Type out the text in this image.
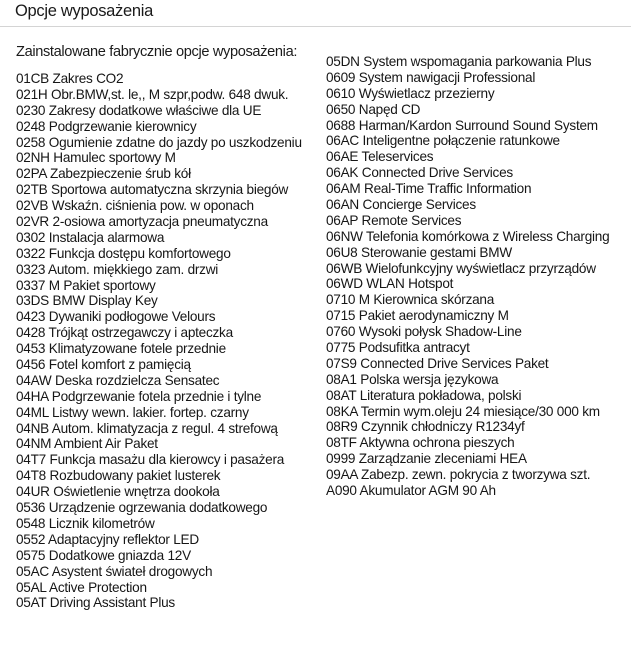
Opcje wyposażenia
Zainstalowane fabrycznie opcje wyposażenia:
01CB Zakres CO2
021H Obr.BMW,st. le,, M szpr,podw. 648 dwuk.
0230 Zakresy dodatkowe właściwe dla UE
0248 Podgrzewanie kierownicy
0258 Ogumienie zdatne do jazdy po uszkodzeniu
02NH Hamulec sportowy M
02PA Zabezpieczenie śrub kół
02TB Sportowa automatyczna skrzynia biegów
02VB Wskaźn. ciśnienia pow. w oponach
02VR 2-osiowa amortyzacja pneumatyczna
0302 Instalacja alarmowa
0322 Funkcja dostępu komfortowego
0323 Autom. miękkiego zam. drzwi
0337 M Pakiet sportowy
03DS BMW Display Key
0423 Dywaniki podłogowe Velours
0428 Trójkąt ostrzegawczy i apteczka
0453 Klimatyzowane fotele przednie
0456 Fotel komfort z pamięcią
04AW Deska rozdzielcza Sensatec
04HA Podgrzewanie fotela przednie i tylne
04ML Listwy wewn. lakier. fortep. czarny
04NB Autom. klimatyzacja z regul. 4 strefową
04NM Ambient Air Paket
04T7 Funkcja masażu dla kierowcy i pasażera
04T8 Rozbudowany pakiet lusterek
04UR Oświetlenie wnętrza dookoła
0536 Urządzenie ogrzewania dodatkowego
0548 Licznik kilometrów
0552 Adaptacyjny reflektor LED
0575 Dodatkowe gniazda 12V
05AC Asystent świateł drogowych
05AL Active Protection
05AT Driving Assistant Plus
05DN System wspomagania parkowania Plus
0609 System nawigacji Professional
0610 Wyświetlacz przezierny
0650 Napęd CD
0688 Harman/Kardon Surround Sound System
06AC Inteligentne połączenie ratunkowe
06AE Teleservices
06AK Connected Drive Services
06AM Real-Time Traffic Information
06AN Concierge Services
06AP Remote Services
06NW Telefonia komórkowa z Wireless Charging
06U8 Sterowanie gestami BMW
06WB Wielofunkcyjny wyświetlacz przyrządów
06WD WLAN Hotspot
0710 M Kierownica skórzana
0715 Pakiet aerodynamiczny M
0760 Wysoki połysk Shadow-Line
0775 Podsufitka antracyt
07S9 Connected Drive Services Paket
08A1 Polska wersja językowa
08AT Literatura pokładowa, polski
08KA Termin wym.oleju 24 miesiące/30 000 km
08R9 Czynnik chłodniczy R1234yf
08TF Aktywna ochrona pieszych
0999 Zarządzanie zleceniami HEA
09AA Zabezp. zewn. pokrycia z tworzywa szt.
A090 Akumulator AGM 90 Ah
